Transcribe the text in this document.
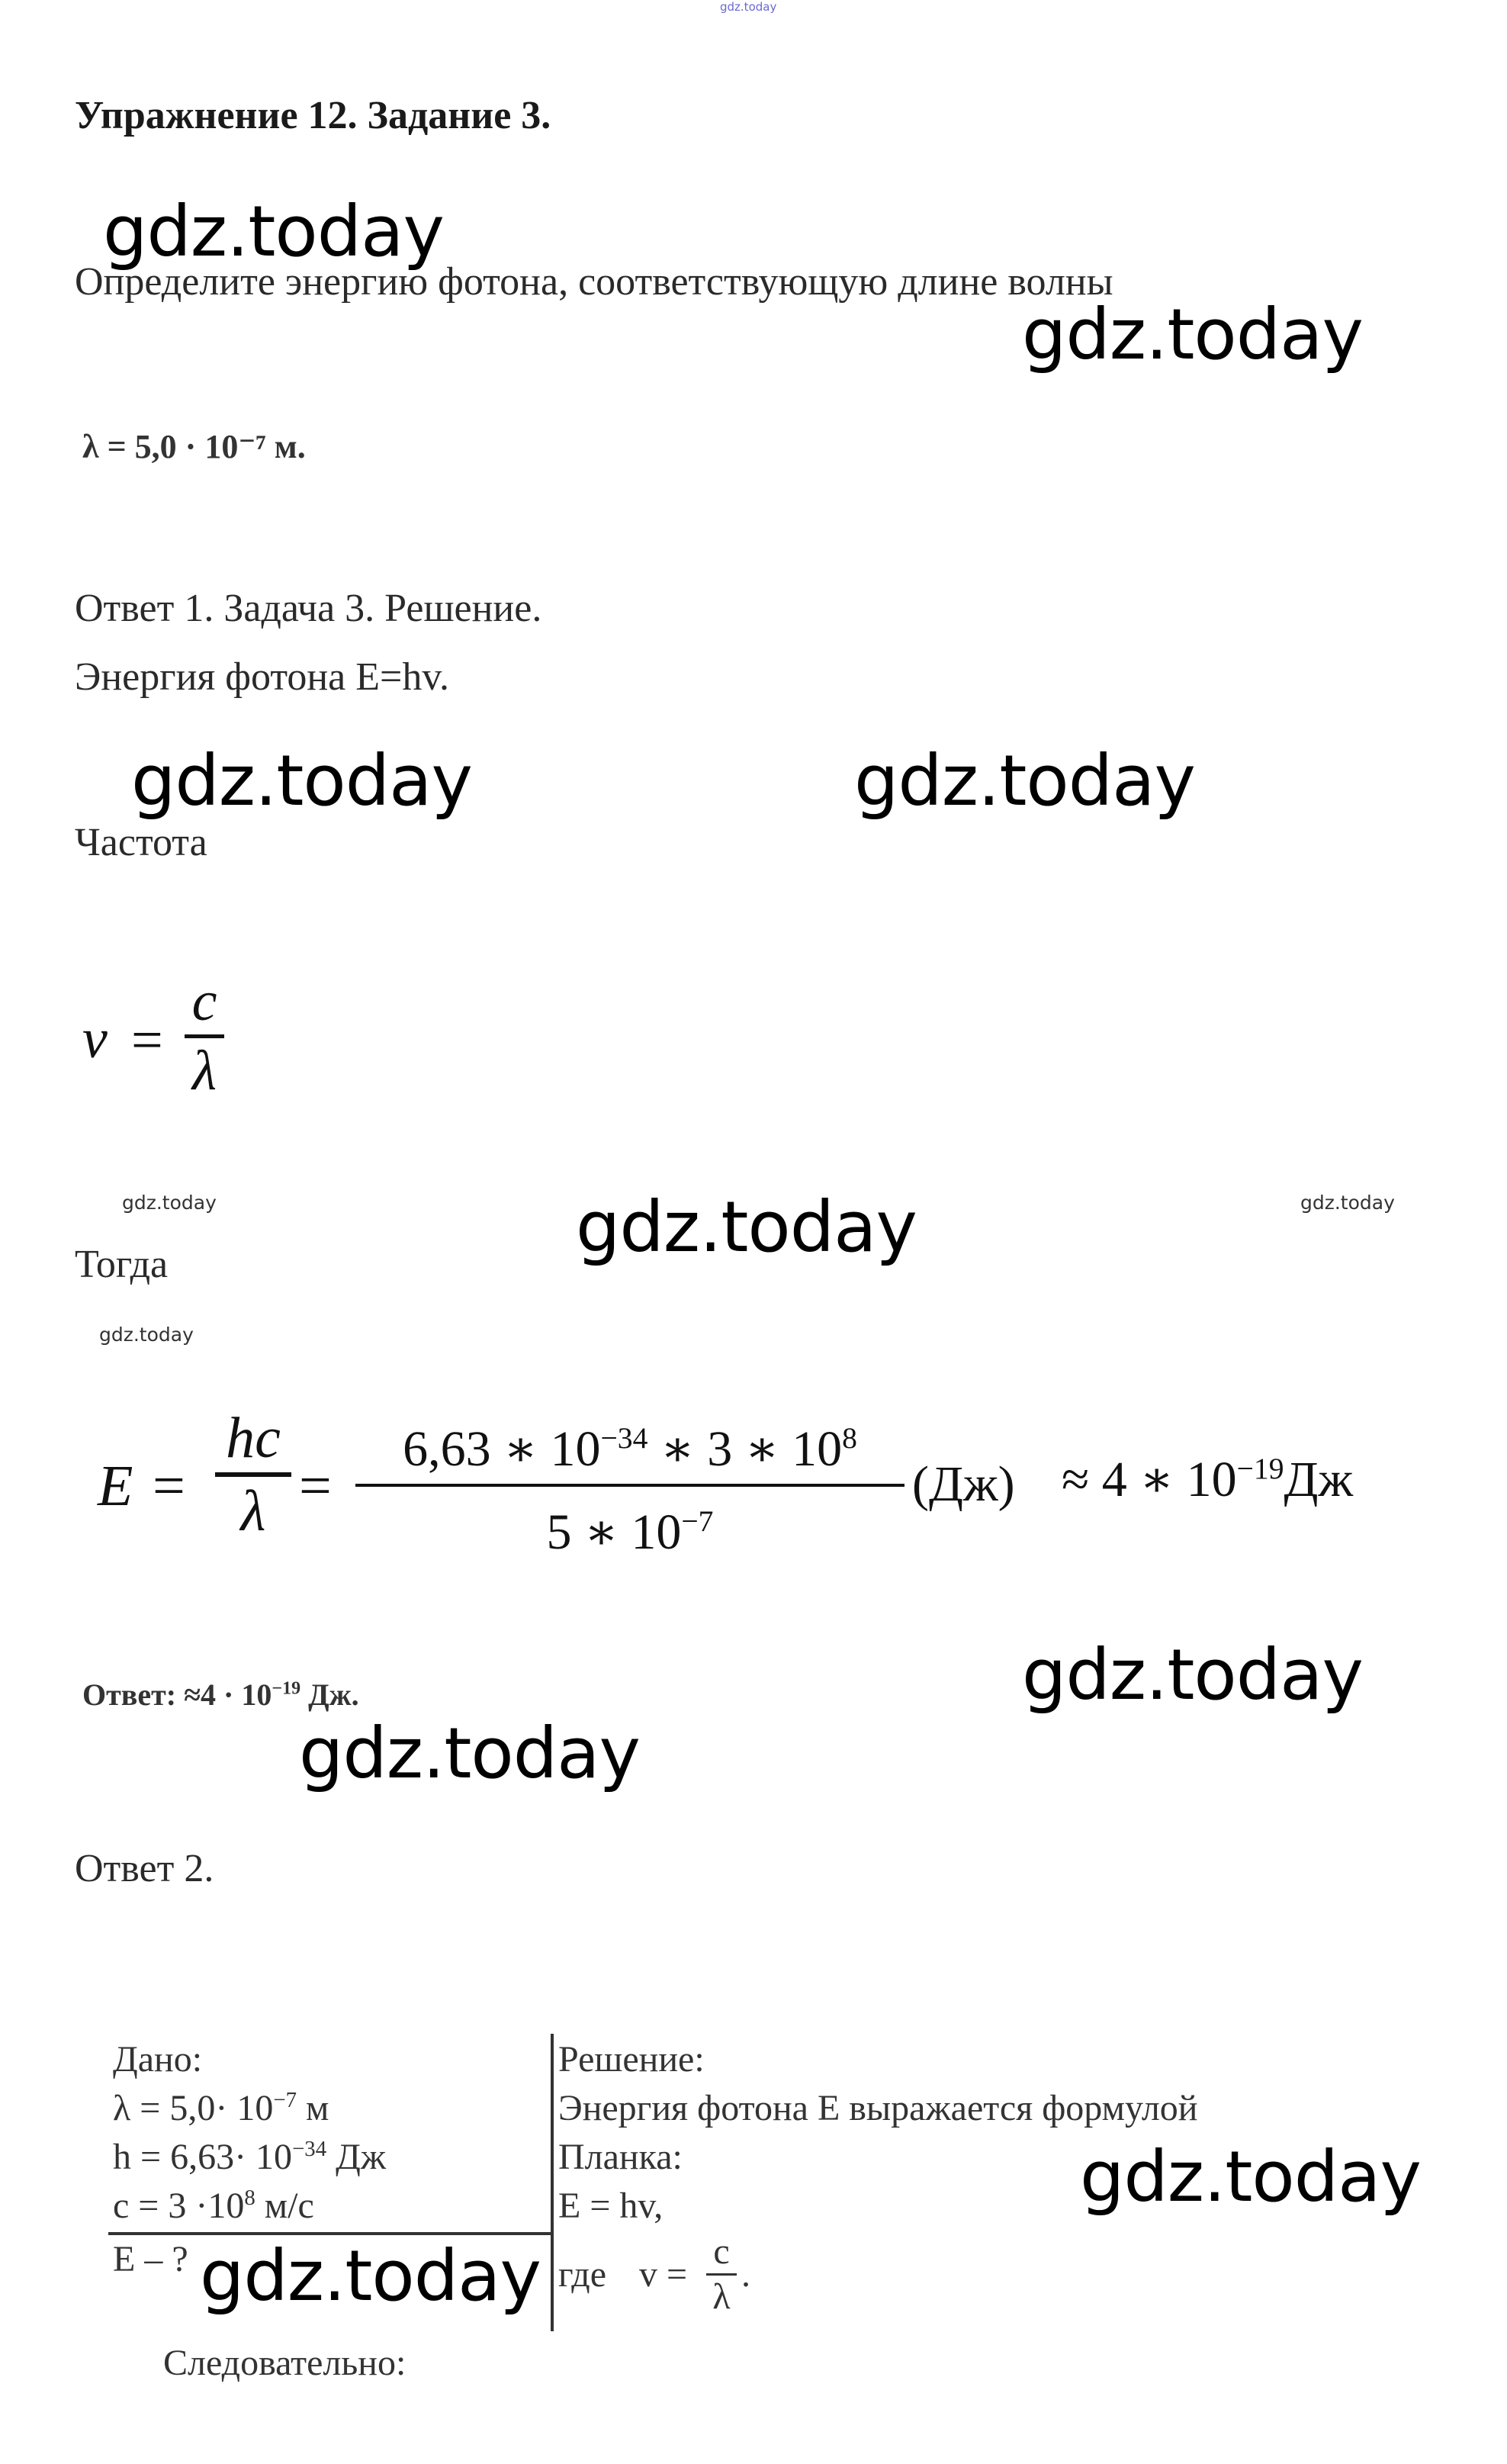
gdz.today
Упражнение 12. Задание 3.
gdz.today
gdz.today
Определите энергию фотона, соответствующую длине волны
λ = 5,0 · 10⁻⁷ м.
Ответ 1. Задача 3. Решение.
Энергия фотона E=hv.
gdz.today	gdz.today
Частота
ν =
c
λ
gdz.today	gdz.today
gdz.today
Тогда
gdz.today
E =
hc
λ =
6,63 ∗ $10^{-34}$ ∗ 3 ∗ $10^8$
5 ∗ $10^{-7}$
(Дж) ≈ 4 ∗ $10^{-19}Дж$
gdz.today
Ответ: $\approx 4 \cdot 10^{-19}$ Дж.
gdz.today
Ответ 2.
Дано:
$\lambda = 5,0\cdot 10^{-7}$ м
$h = 6,63\cdot 10^{-34}$ Дж
$c = 3 \cdot 10^8$ м/с
E – ?
Решение:
Энергия фотона E выражается формулой
Планка:
E = hv,
где v =
c
λ
.
gdz.today
gdz.today
Следовательно:
